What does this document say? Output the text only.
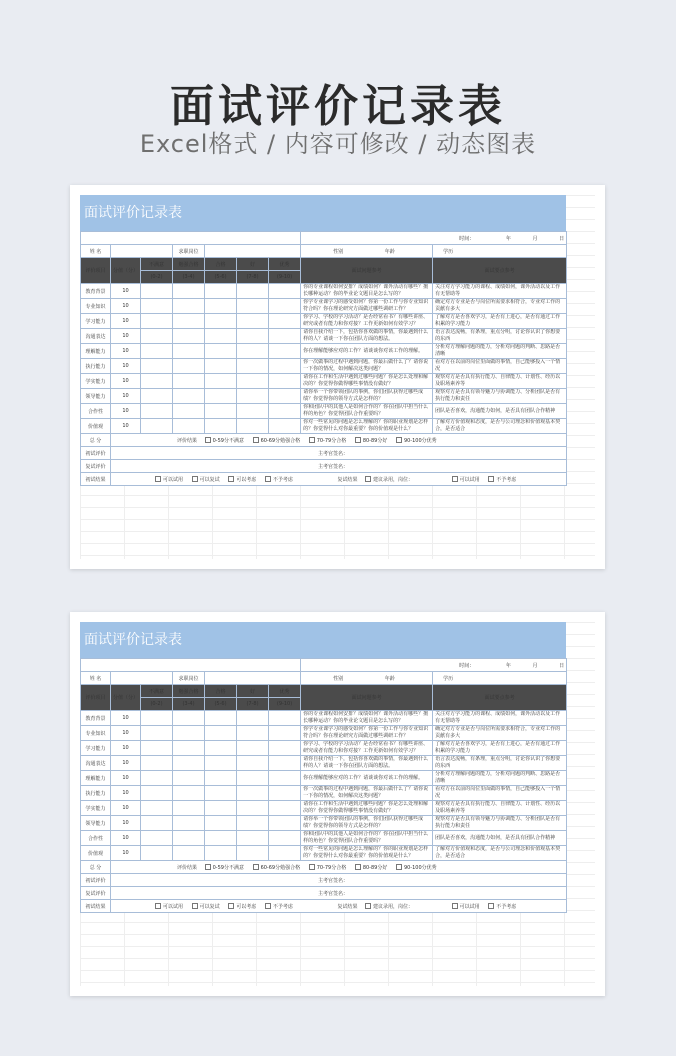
面试评价记录表
Excel格式 / 内容可修改 / 动态图表
面试评价记录表
							时间： 年 月 日	
姓 名			求职岗位				性别 年龄	学历
评价项目	分值（分）	不满意	勉强合格	合格	好	优秀	面试问题参考	面试要点参考
		(0-2)	(3-4)	(5-6)	(7-8)	(9-10)		
教育背景	10						你的专业课程如何安排？成绩如何？课外活动有哪些？擅长哪种运动？你的毕业论文题目是怎么写的？	关注对方学习能力的课程、成绩如何，课外活动以及工作有无帮助等
专业知识	10						你学专业课学习的感受如何？你第一份工作与你专业知识符合吗？你在理论研究方面做过哪些调研工作？	确定对方专业是否与岗位所需要求相符合，专业对工作的贡献有多大
学习能力	10						你学习、学校的学习活动？是否经常看书？有哪些讲座、研究或者有能力和你对接？工作更新如何有效学习？	了解对方是否喜欢学习，是否有上进心，是否有通过工作积累的学习能力
沟通表达	10						请你自我介绍一下，包括你喜欢做的事情，你最遇到什么样的人？请谈一下你在团队方面的想法。	语言表达流畅，有条理，重点分明，讨论你认识了你想要的东西
理解能力	10						你在理解能够应对的工作？请谈谈你对该工作的理解。	分析对方理解问题的能力，分析对问题的判断、思路是否清晰
执行能力	10						你一次做事的过程中遇到问题，你最后做什么了？请你说一下你的情况，如何解决这类问题？	看对方在以前的岗位里面做的事情，自己能够投入一个情况
学实能力	10						请你在工作和生活中遇到过哪些问题？你是怎么处理和解决的？你觉得你做得哪些事情没有做好？	观察对方是否具有执行能力、自律能力、计划性、经历以及职场素养等
领导能力	10						请你举一个你带领团队的事例，你们团队获得过哪些成绩？你觉得你的领导方式是怎样的？	观察对方是否具有领导魅力与协调能力、分析团队是否有执行能力和责任
合作性	10						你和团队中的其他人是如何合作的？你在团队中担当什么样的角色？你觉得团队合作重要吗？	团队是否喜欢，沟通能力如何，是否具有团队合作精神
价值观	10						你对一些常见的问题是怎么理解的？你的职业规划是怎样的？你觉得什么对你最重要？你的价值观是什么？	了解对方价值观和态度，是否与公司理念和价值观基本契合，是否适合
总 分	评价结果 0-59分不满意 60-69分勉强合格 70-79分合格 80-89分好 90-100分优秀							
初试评价	主考官签名：							
复试评价	主考官签名：							
初试结果	可以试用 可以复试 可以考虑 不予考虑 复试结果 建议录用，岗位： 可以试用 不予考虑							
面试评价记录表
							时间： 年 月 日	
姓 名			求职岗位				性别 年龄	学历
评价项目	分值（分）	不满意	勉强合格	合格	好	优秀	面试问题参考	面试要点参考
		(0-2)	(3-4)	(5-6)	(7-8)	(9-10)		
教育背景	10						你的专业课程如何安排？成绩如何？课外活动有哪些？擅长哪种运动？你的毕业论文题目是怎么写的？	关注对方学习能力的课程、成绩如何，课外活动以及工作有无帮助等
专业知识	10						你学专业课学习的感受如何？你第一份工作与你专业知识符合吗？你在理论研究方面做过哪些调研工作？	确定对方专业是否与岗位所需要求相符合，专业对工作的贡献有多大
学习能力	10						你学习、学校的学习活动？是否经常看书？有哪些讲座、研究或者有能力和你对接？工作更新如何有效学习？	了解对方是否喜欢学习，是否有上进心，是否有通过工作积累的学习能力
沟通表达	10						请你自我介绍一下，包括你喜欢做的事情，你最遇到什么样的人？请谈一下你在团队方面的想法。	语言表达流畅，有条理，重点分明，讨论你认识了你想要的东西
理解能力	10						你在理解能够应对的工作？请谈谈你对该工作的理解。	分析对方理解问题的能力，分析对问题的判断、思路是否清晰
执行能力	10						你一次做事的过程中遇到问题，你最后做什么了？请你说一下你的情况，如何解决这类问题？	看对方在以前的岗位里面做的事情，自己能够投入一个情况
学实能力	10						请你在工作和生活中遇到过哪些问题？你是怎么处理和解决的？你觉得你做得哪些事情没有做好？	观察对方是否具有执行能力、自律能力、计划性、经历以及职场素养等
领导能力	10						请你举一个你带领团队的事例，你们团队获得过哪些成绩？你觉得你的领导方式是怎样的？	观察对方是否具有领导魅力与协调能力、分析团队是否有执行能力和责任
合作性	10						你和团队中的其他人是如何合作的？你在团队中担当什么样的角色？你觉得团队合作重要吗？	团队是否喜欢，沟通能力如何，是否具有团队合作精神
价值观	10						你对一些常见的问题是怎么理解的？你的职业规划是怎样的？你觉得什么对你最重要？你的价值观是什么？	了解对方价值观和态度，是否与公司理念和价值观基本契合，是否适合
总 分	评价结果 0-59分不满意 60-69分勉强合格 70-79分合格 80-89分好 90-100分优秀							
初试评价	主考官签名：							
复试评价	主考官签名：							
初试结果	可以试用 可以复试 可以考虑 不予考虑 复试结果 建议录用，岗位： 可以试用 不予考虑							
